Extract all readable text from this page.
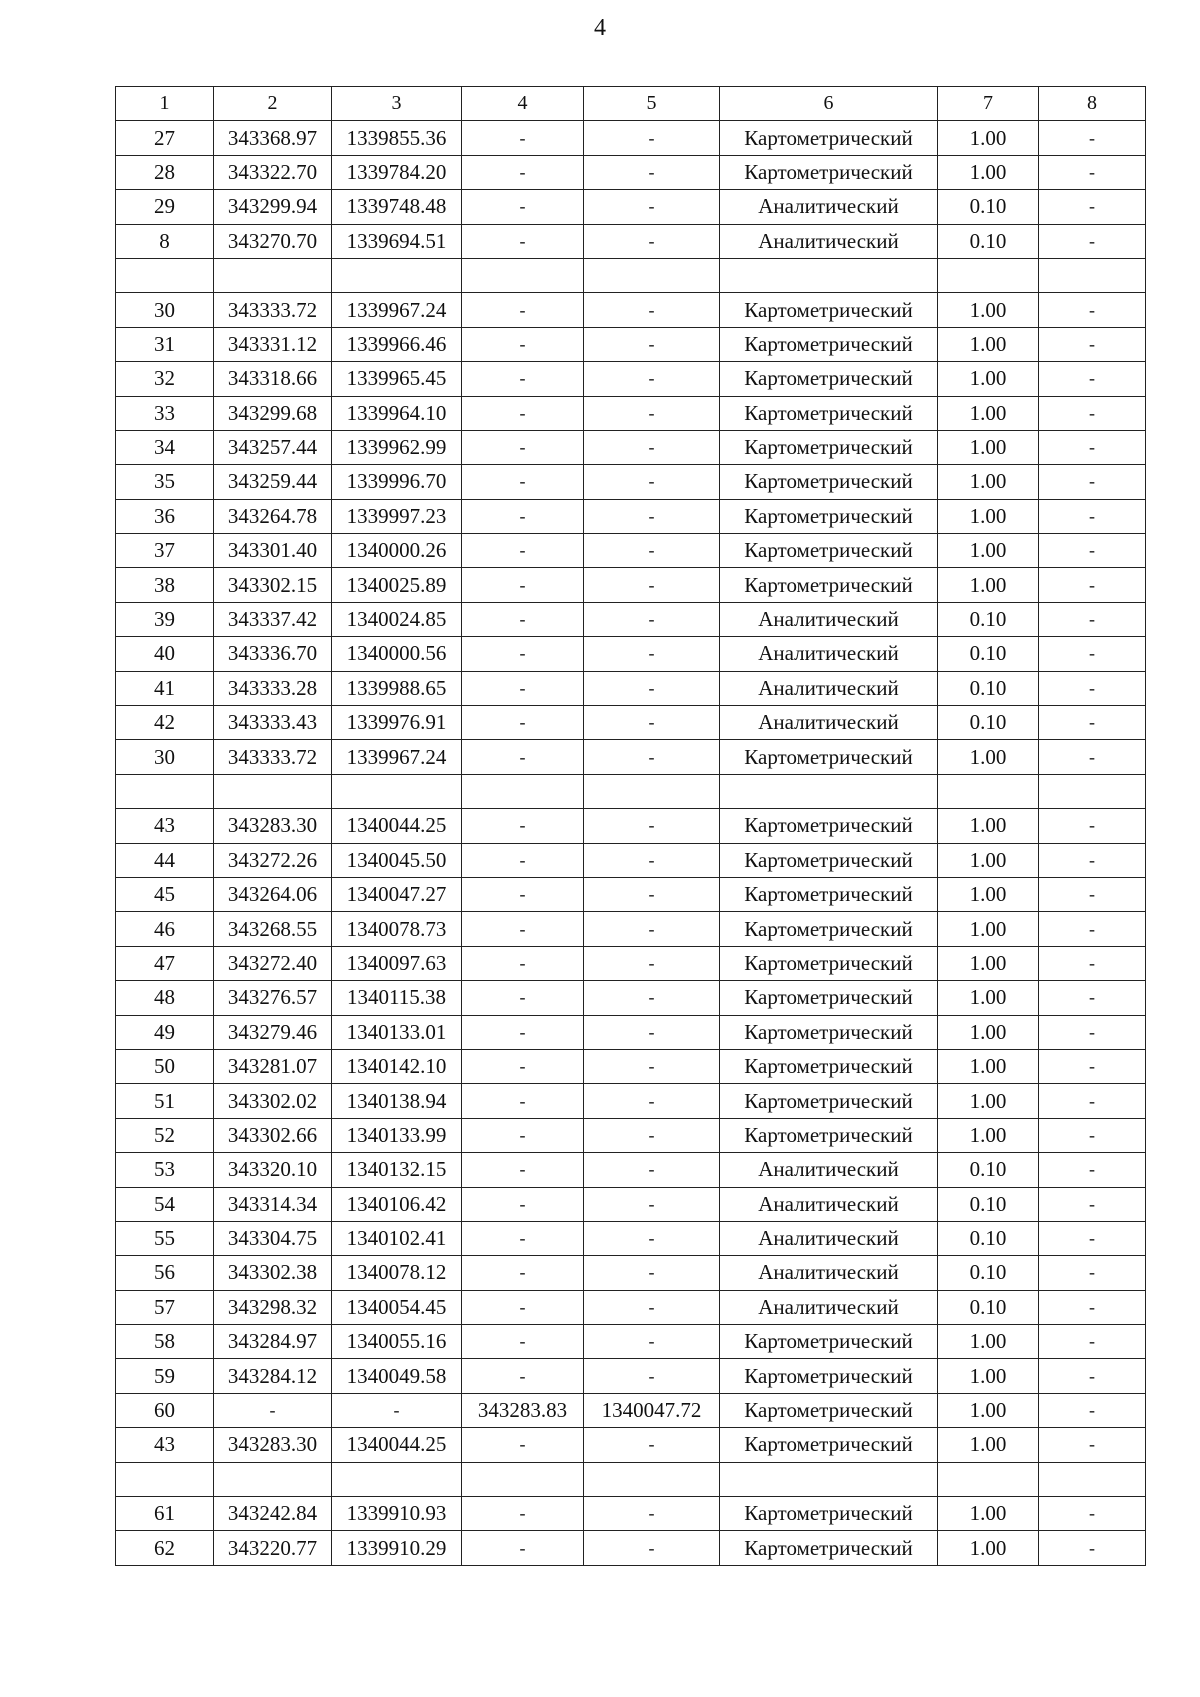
4
1	2	3	4	5	6	7	8
27	343368.97	1339855.36	-	-	Картометрический	1.00	-
28	343322.70	1339784.20	-	-	Картометрический	1.00	-
29	343299.94	1339748.48	-	-	Аналитический	0.10	-
8	343270.70	1339694.51	-	-	Аналитический	0.10	-

30	343333.72	1339967.24	-	-	Картометрический	1.00	-
31	343331.12	1339966.46	-	-	Картометрический	1.00	-
32	343318.66	1339965.45	-	-	Картометрический	1.00	-
33	343299.68	1339964.10	-	-	Картометрический	1.00	-
34	343257.44	1339962.99	-	-	Картометрический	1.00	-
35	343259.44	1339996.70	-	-	Картометрический	1.00	-
36	343264.78	1339997.23	-	-	Картометрический	1.00	-
37	343301.40	1340000.26	-	-	Картометрический	1.00	-
38	343302.15	1340025.89	-	-	Картометрический	1.00	-
39	343337.42	1340024.85	-	-	Аналитический	0.10	-
40	343336.70	1340000.56	-	-	Аналитический	0.10	-
41	343333.28	1339988.65	-	-	Аналитический	0.10	-
42	343333.43	1339976.91	-	-	Аналитический	0.10	-
30	343333.72	1339967.24	-	-	Картометрический	1.00	-

43	343283.30	1340044.25	-	-	Картометрический	1.00	-
44	343272.26	1340045.50	-	-	Картометрический	1.00	-
45	343264.06	1340047.27	-	-	Картометрический	1.00	-
46	343268.55	1340078.73	-	-	Картометрический	1.00	-
47	343272.40	1340097.63	-	-	Картометрический	1.00	-
48	343276.57	1340115.38	-	-	Картометрический	1.00	-
49	343279.46	1340133.01	-	-	Картометрический	1.00	-
50	343281.07	1340142.10	-	-	Картометрический	1.00	-
51	343302.02	1340138.94	-	-	Картометрический	1.00	-
52	343302.66	1340133.99	-	-	Картометрический	1.00	-
53	343320.10	1340132.15	-	-	Аналитический	0.10	-
54	343314.34	1340106.42	-	-	Аналитический	0.10	-
55	343304.75	1340102.41	-	-	Аналитический	0.10	-
56	343302.38	1340078.12	-	-	Аналитический	0.10	-
57	343298.32	1340054.45	-	-	Аналитический	0.10	-
58	343284.97	1340055.16	-	-	Картометрический	1.00	-
59	343284.12	1340049.58	-	-	Картометрический	1.00	-
60	-	-	343283.83	1340047.72	Картометрический	1.00	-
43	343283.30	1340044.25	-	-	Картометрический	1.00	-

61	343242.84	1339910.93	-	-	Картометрический	1.00	-
62	343220.77	1339910.29	-	-	Картометрический	1.00	-
